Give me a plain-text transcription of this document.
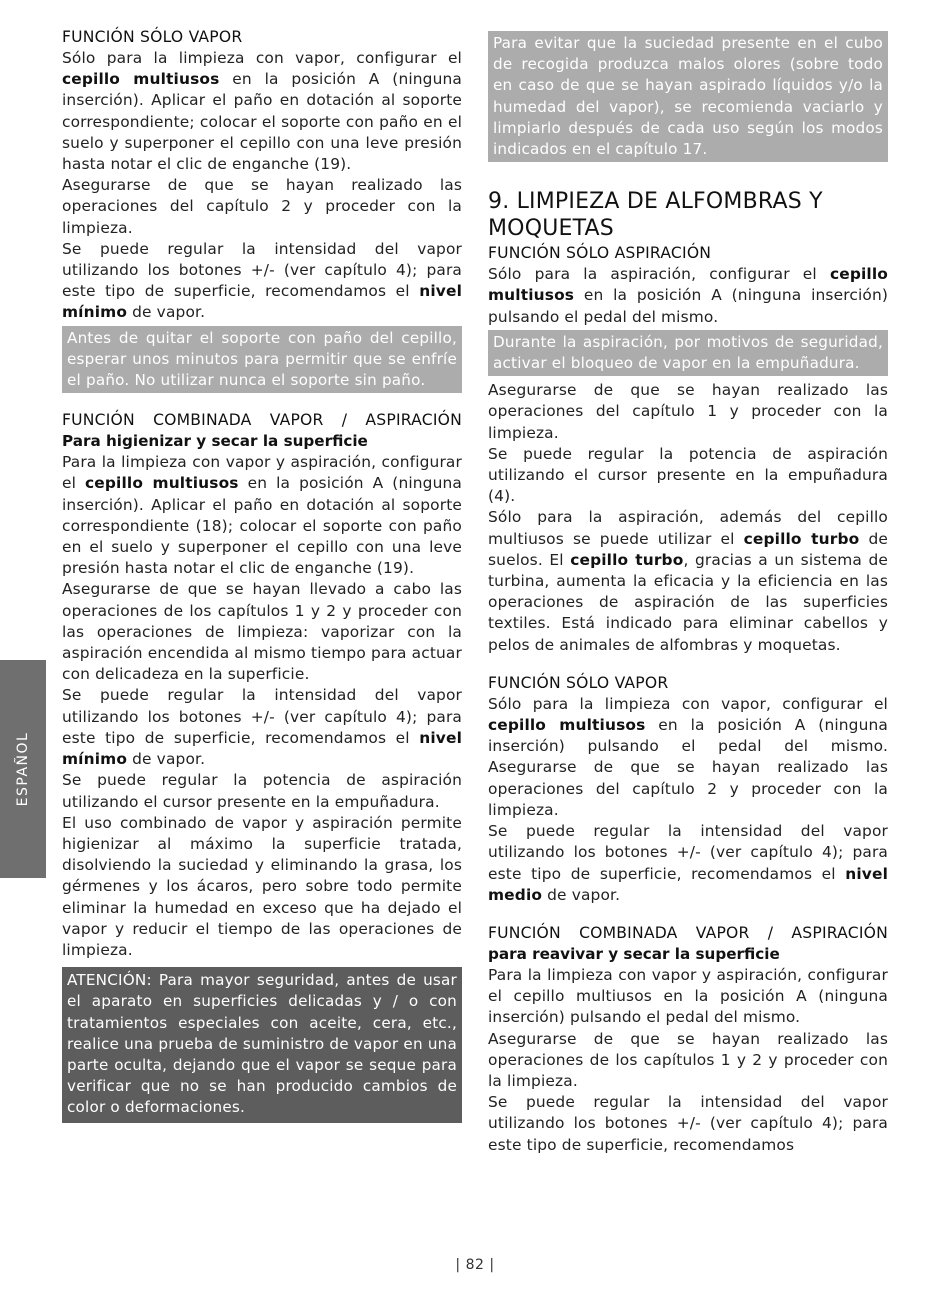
ESPAÑOL
FUNCIÓN SÓLO VAPOR

Sólo para la limpieza con vapor, configurar el cepillo multiusos en la posición A (ninguna inserción). Aplicar el paño en dotación al soporte correspondiente; colocar el soporte con paño en el suelo y superponer el cepillo con una leve presión hasta notar el clic de enganche (19).

Asegurarse de que se hayan realizado las operaciones del capítulo 2 y proceder con la limpieza.

Se puede regular la intensidad del vapor utilizando los botones +/- (ver capítulo 4); para este tipo de superficie, recomendamos el nivel mínimo de vapor.

Antes de quitar el soporte con paño del cepillo, esperar unos minutos para permitir que se enfríe el paño. No utilizar nunca el soporte sin paño.
FUNCIÓN COMBINADA VAPOR / ASPIRACIÓN

Para higienizar y secar la superficie

Para la limpieza con vapor y aspiración, configurar el cepillo multiusos en la posición A (ninguna inserción). Aplicar el paño en dotación al soporte correspondiente (18); colocar el soporte con paño en el suelo y superponer el cepillo con una leve presión hasta notar el clic de enganche (19).

Asegurarse de que se hayan llevado a cabo las operaciones de los capítulos 1 y 2 y proceder con las operaciones de limpieza: vaporizar con la aspiración encendida al mismo tiempo para actuar con delicadeza en la superficie.

Se puede regular la intensidad del vapor utilizando los botones +/- (ver capítulo 4); para este tipo de superficie, recomendamos el nivel mínimo de vapor.

Se puede regular la potencia de aspiración utilizando el cursor presente en la empuñadura.

El uso combinado de vapor y aspiración permite higienizar al máximo la superficie tratada, disolviendo la suciedad y eliminando la grasa, los gérmenes y los ácaros, pero sobre todo permite eliminar la humedad en exceso que ha dejado el vapor y reducir el tiempo de las operaciones de limpieza.

ATENCIÓN: Para mayor seguridad, antes de usar el aparato en superficies delicadas y / o con tratamientos especiales con aceite, cera, etc., realice una prueba de suministro de vapor en una parte oculta, dejando que el vapor se seque para verificar que no se han producido cambios de color o deformaciones.
Para evitar que la suciedad presente en el cubo de recogida produzca malos olores (sobre todo en caso de que se hayan aspirado líquidos y/o la humedad del vapor), se recomienda vaciarlo y limpiarlo después de cada uso según los modos indicados en el capítulo 17.
9. LIMPIEZA DE ALFOMBRAS Y MOQUETAS
FUNCIÓN SÓLO ASPIRACIÓN

Sólo para la aspiración, configurar el cepillo multiusos en la posición A (ninguna inserción) pulsando el pedal del mismo.

Durante la aspiración, por motivos de seguridad, activar el bloqueo de vapor en la empuñadura.

Asegurarse de que se hayan realizado las operaciones del capítulo 1 y proceder con la limpieza.

Se puede regular la potencia de aspiración utilizando el cursor presente en la empuñadura (4).

Sólo para la aspiración, además del cepillo multiusos se puede utilizar el cepillo turbo de suelos. El cepillo turbo, gracias a un sistema de turbina, aumenta la eficacia y la eficiencia en las operaciones de aspiración de las superficies textiles. Está indicado para eliminar cabellos y pelos de animales de alfombras y moquetas.

FUNCIÓN SÓLO VAPOR

Sólo para la limpieza con vapor, configurar el cepillo multiusos en la posición A (ninguna inserción) pulsando el pedal del mismo. Asegurarse de que se hayan realizado las operaciones del capítulo 2 y proceder con la limpieza.

Se puede regular la intensidad del vapor utilizando los botones +/- (ver capítulo 4); para este tipo de superficie, recomendamos el nivel medio de vapor.

FUNCIÓN COMBINADA VAPOR / ASPIRACIÓN

para reavivar y secar la superficie

Para la limpieza con vapor y aspiración, configurar el cepillo multiusos en la posición A (ninguna inserción) pulsando el pedal del mismo.

Asegurarse de que se hayan realizado las operaciones de los capítulos 1 y 2 y proceder con la limpieza.

Se puede regular la intensidad del vapor utilizando los botones +/- (ver capítulo 4); para este tipo de superficie, recomendamos

| 82 |
